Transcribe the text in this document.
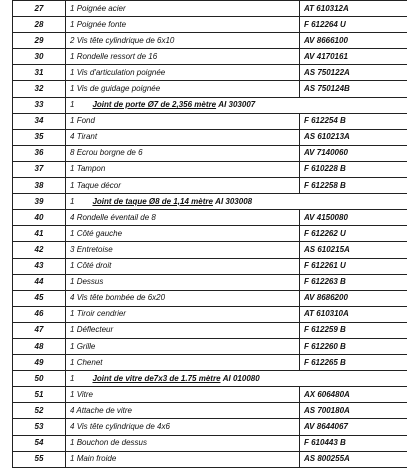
27	1 Poignée acier	AT 610312A
28	1 Poignée fonte	F 612264 U
29	2 Vis tête cylindrique de 6x10	AV 8666100
30	1 Rondelle ressort de 16	AV 4170161
31	1 Vis d'articulation poignée	AS 750122A
32	1 Vis de guidage poignée	AS 750124B
33	1 Joint de porte Ø7 de 2,356 mètre AI 303007	
34	1 Fond	F 612254 B
35	4 Tirant	AS 610213A
36	8 Ecrou borgne de 6	AV 7140060
37	1 Tampon	F 610228 B
38	1 Taque décor	F 612258 B
39	1 Joint de taque Ø8 de 1,14 mètre AI 303008	
40	4 Rondelle éventail de 8	AV 4150080
41	1 Côté gauche	F 612262 U
42	3 Entretoise	AS 610215A
43	1 Côté droit	F 612261 U
44	1 Dessus	F 612263 B
45	4 Vis tête bombée de 6x20	AV 8686200
46	1 Tiroir cendrier	AT 610310A
47	1 Déflecteur	F 612259 B
48	1 Grille	F 612260 B
49	1 Chenet	F 612265 B
50	1 Joint de vitre de7x3 de 1.75 mètre AI 010080	
51	1 Vitre	AX 606480A
52	4 Attache de vitre	AS 700180A
53	4 Vis tête cylindrique de 4x6	AV 8644067
54	1 Bouchon de dessus	F 610443 B
55	1 Main froide	AS 800255A
